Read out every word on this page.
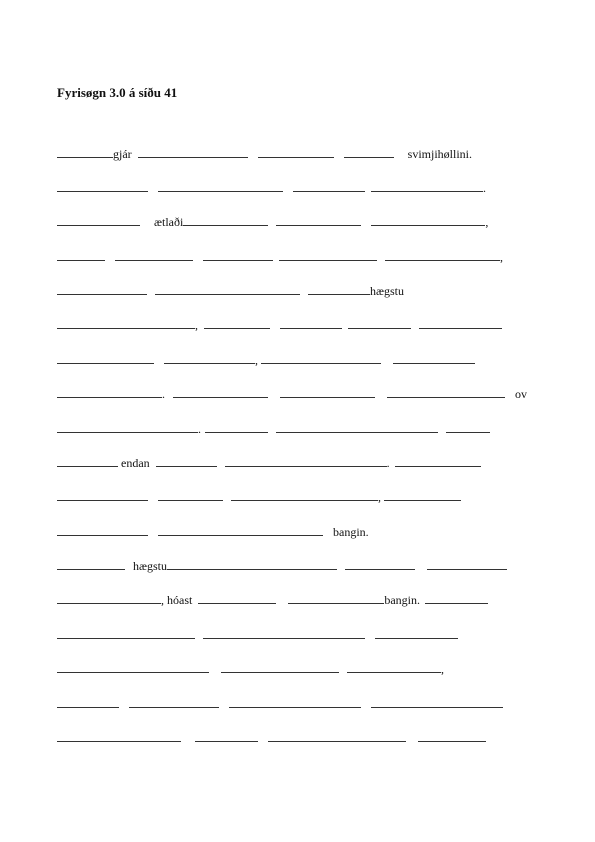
Fyrisøgn 3.0 á síðu 41
gjár	svimjihøllini.
.
ætlaði	,
,
hægstu
,
,
.	ov
.
endan	.
,
bangin.
hægstu
, hóast	bangin.
,
